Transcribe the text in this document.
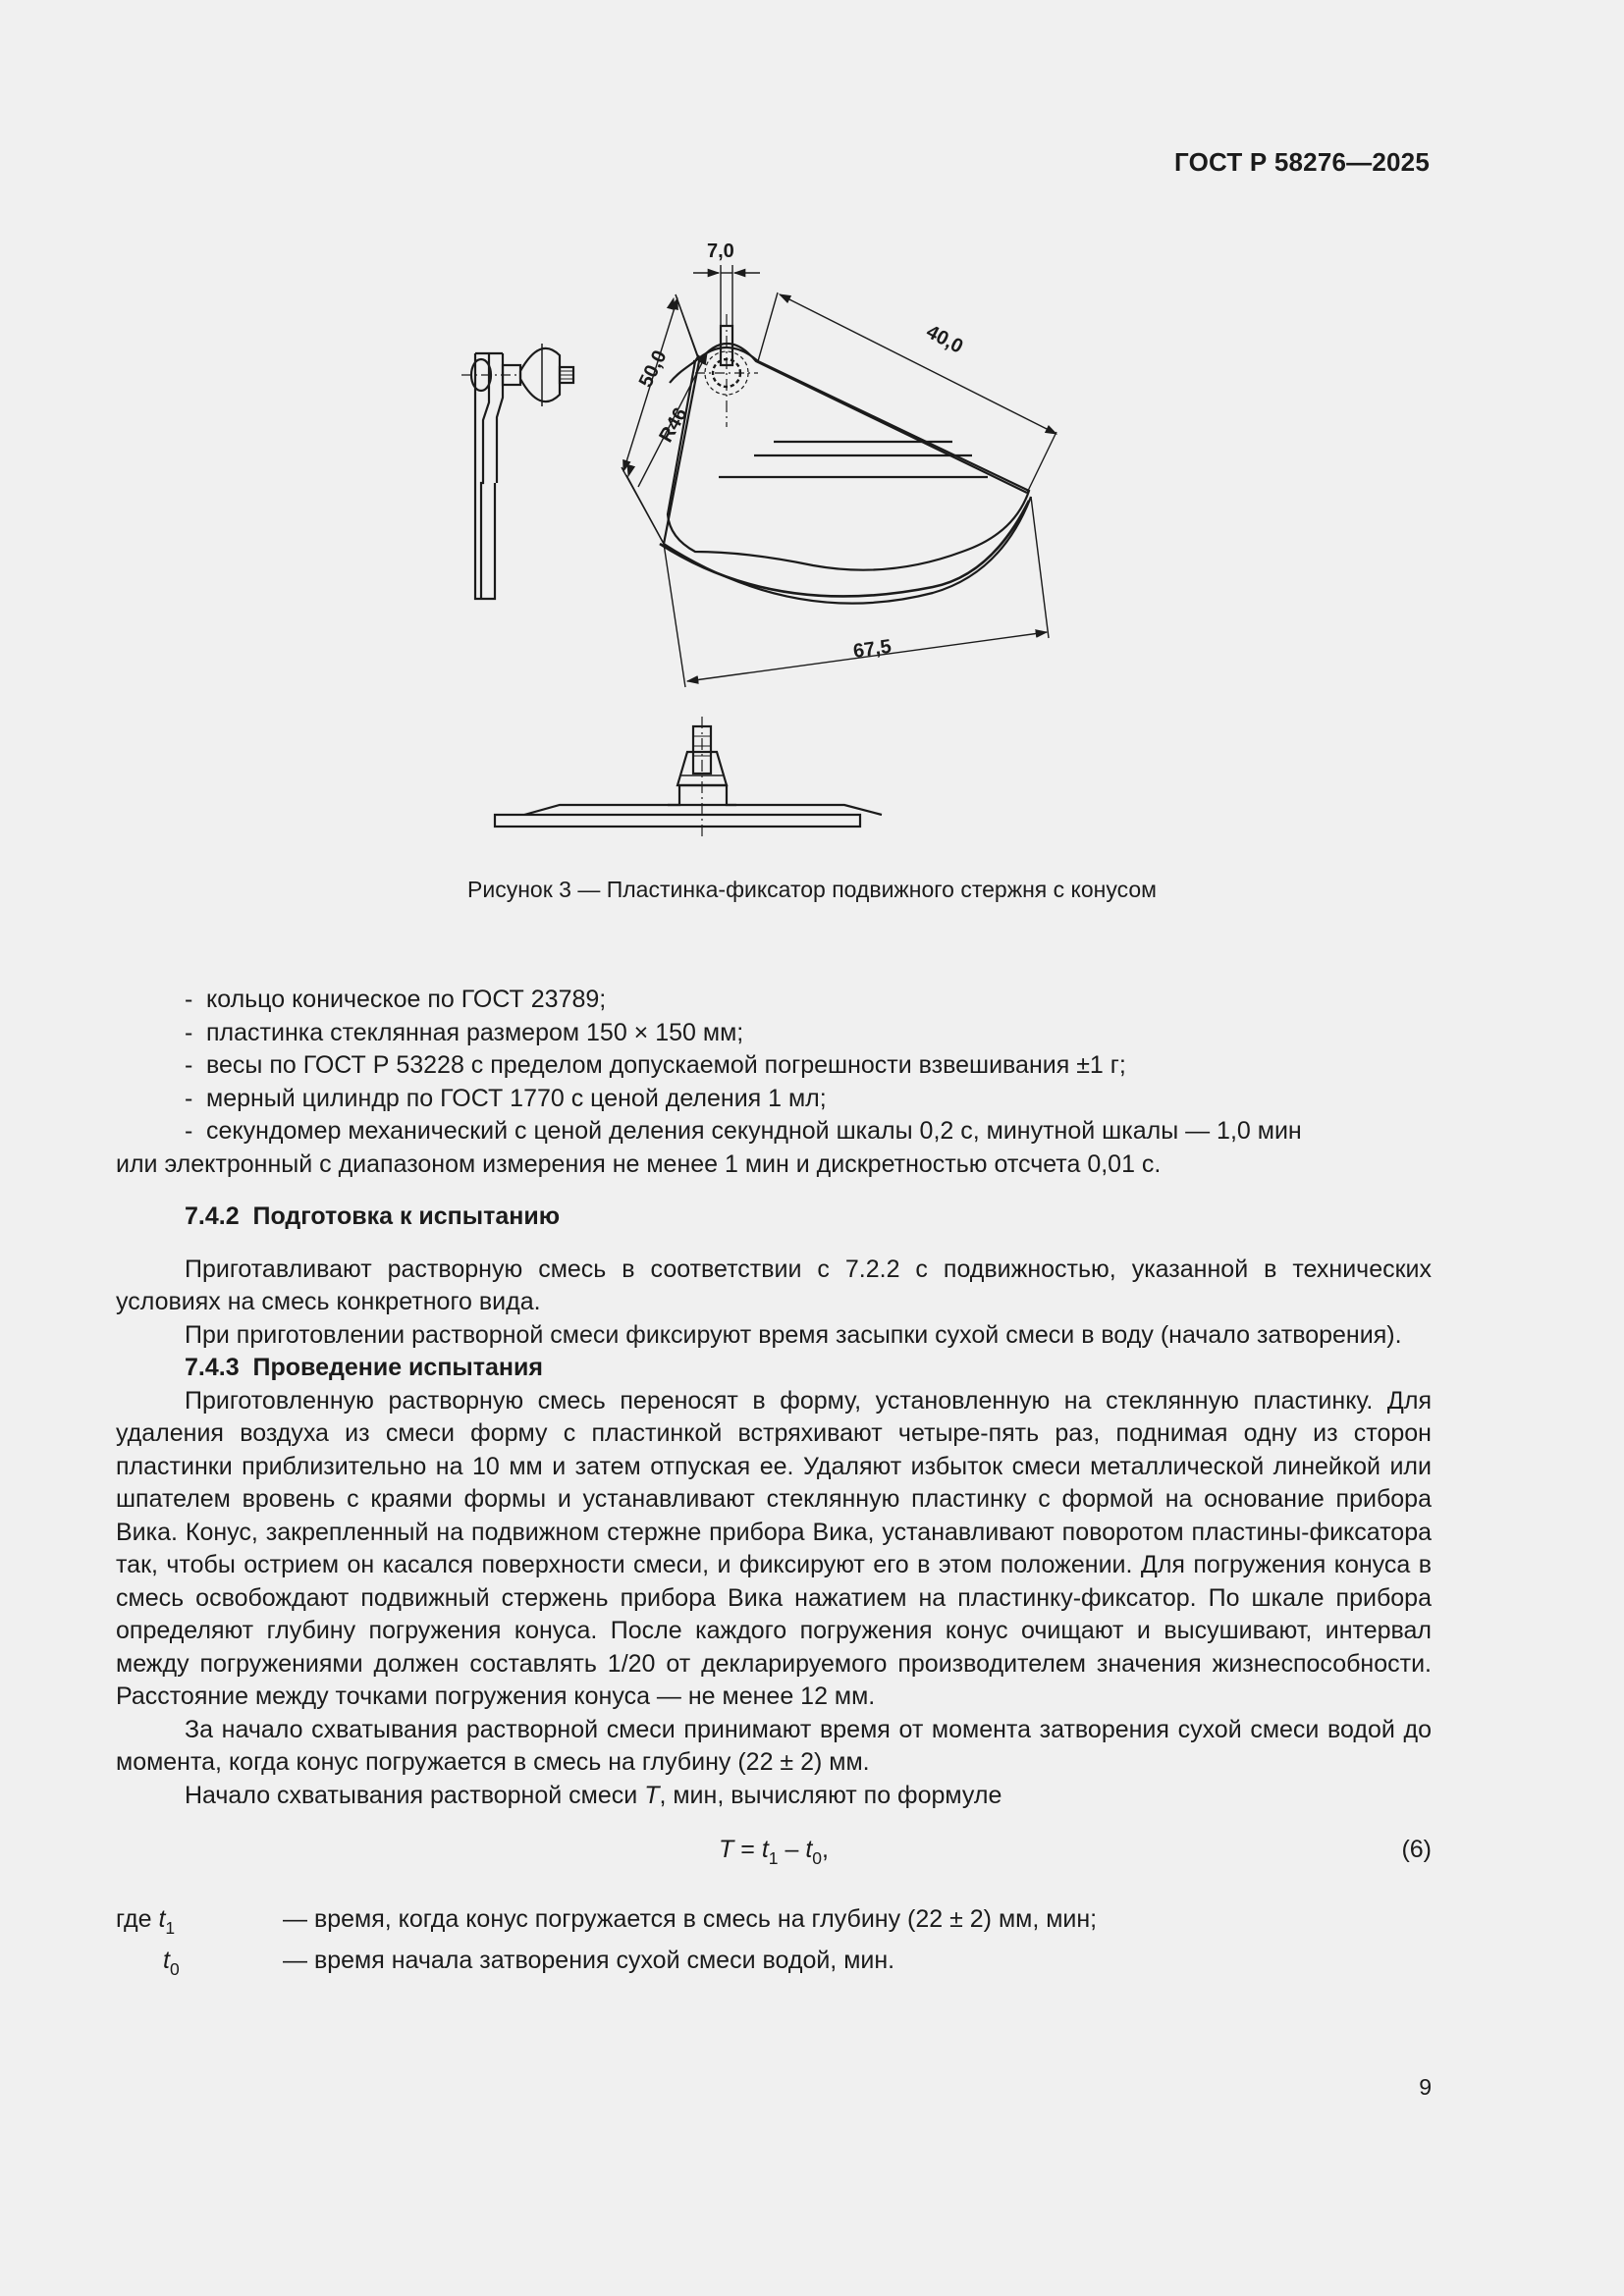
ГОСТ Р 58276—2025
7,0
50,0
R46
40,0
67,5
Рисунок 3 — Пластинка-фиксатор подвижного стержня с конусом

- кольцо коническое по ГОСТ 23789;

- пластинка стеклянная размером 150 × 150 мм;

- весы по ГОСТ Р 53228 с пределом допускаемой погрешности взвешивания ±1 г;

- мерный цилиндр по ГОСТ 1770 с ценой деления 1 мл;

- секундомер механический с ценой деления секундной шкалы 0,2 с, минутной шкалы — 1,0 мин

или электронный с диапазоном измерения не менее 1 мин и дискретностью отсчета 0,01 с.

7.4.2 Подготовка к испытанию

Приготавливают растворную смесь в соответствии с 7.2.2 с подвижностью, указанной в технических условиях на смесь конкретного вида.

При приготовлении растворной смеси фиксируют время засыпки сухой смеси в воду (начало затворения).

7.4.3 Проведение испытания

Приготовленную растворную смесь переносят в форму, установленную на стеклянную пластинку. Для удаления воздуха из смеси форму с пластинкой встряхивают четыре-пять раз, поднимая одну из сторон пластинки приблизительно на 10 мм и затем отпуская ее. Удаляют избыток смеси металлической линейкой или шпателем вровень с краями формы и устанавливают стеклянную пластинку с формой на основание прибора Вика. Конус, закрепленный на подвижном стержне прибора Вика, устанавливают поворотом пластины-фиксатора так, чтобы острием он касался поверхности смеси, и фиксируют его в этом положении. Для погружения конуса в смесь освобождают подвижный стержень прибора Вика нажатием на пластинку-фиксатор. По шкале прибора определяют глубину погружения конуса. После каждого погружения конус очищают и высушивают, интервал между погружениями должен составлять 1/20 от декларируемого производителем значения жизнеспособности. Расстояние между точками погружения конуса — не менее 12 мм.

За начало схватывания растворной смеси принимают время от момента затворения сухой смеси водой до момента, когда конус погружается в смесь на глубину (22 ± 2) мм.

Начало схватывания растворной смеси T, мин, вычисляют по формуле

$T = t_1 - t_0$,	(6)
где $t_1$	— время, когда конус погружается в смесь на глубину (22 ± 2) мм, мин;
$t_0$	— время начала затворения сухой смеси водой, мин.
9
